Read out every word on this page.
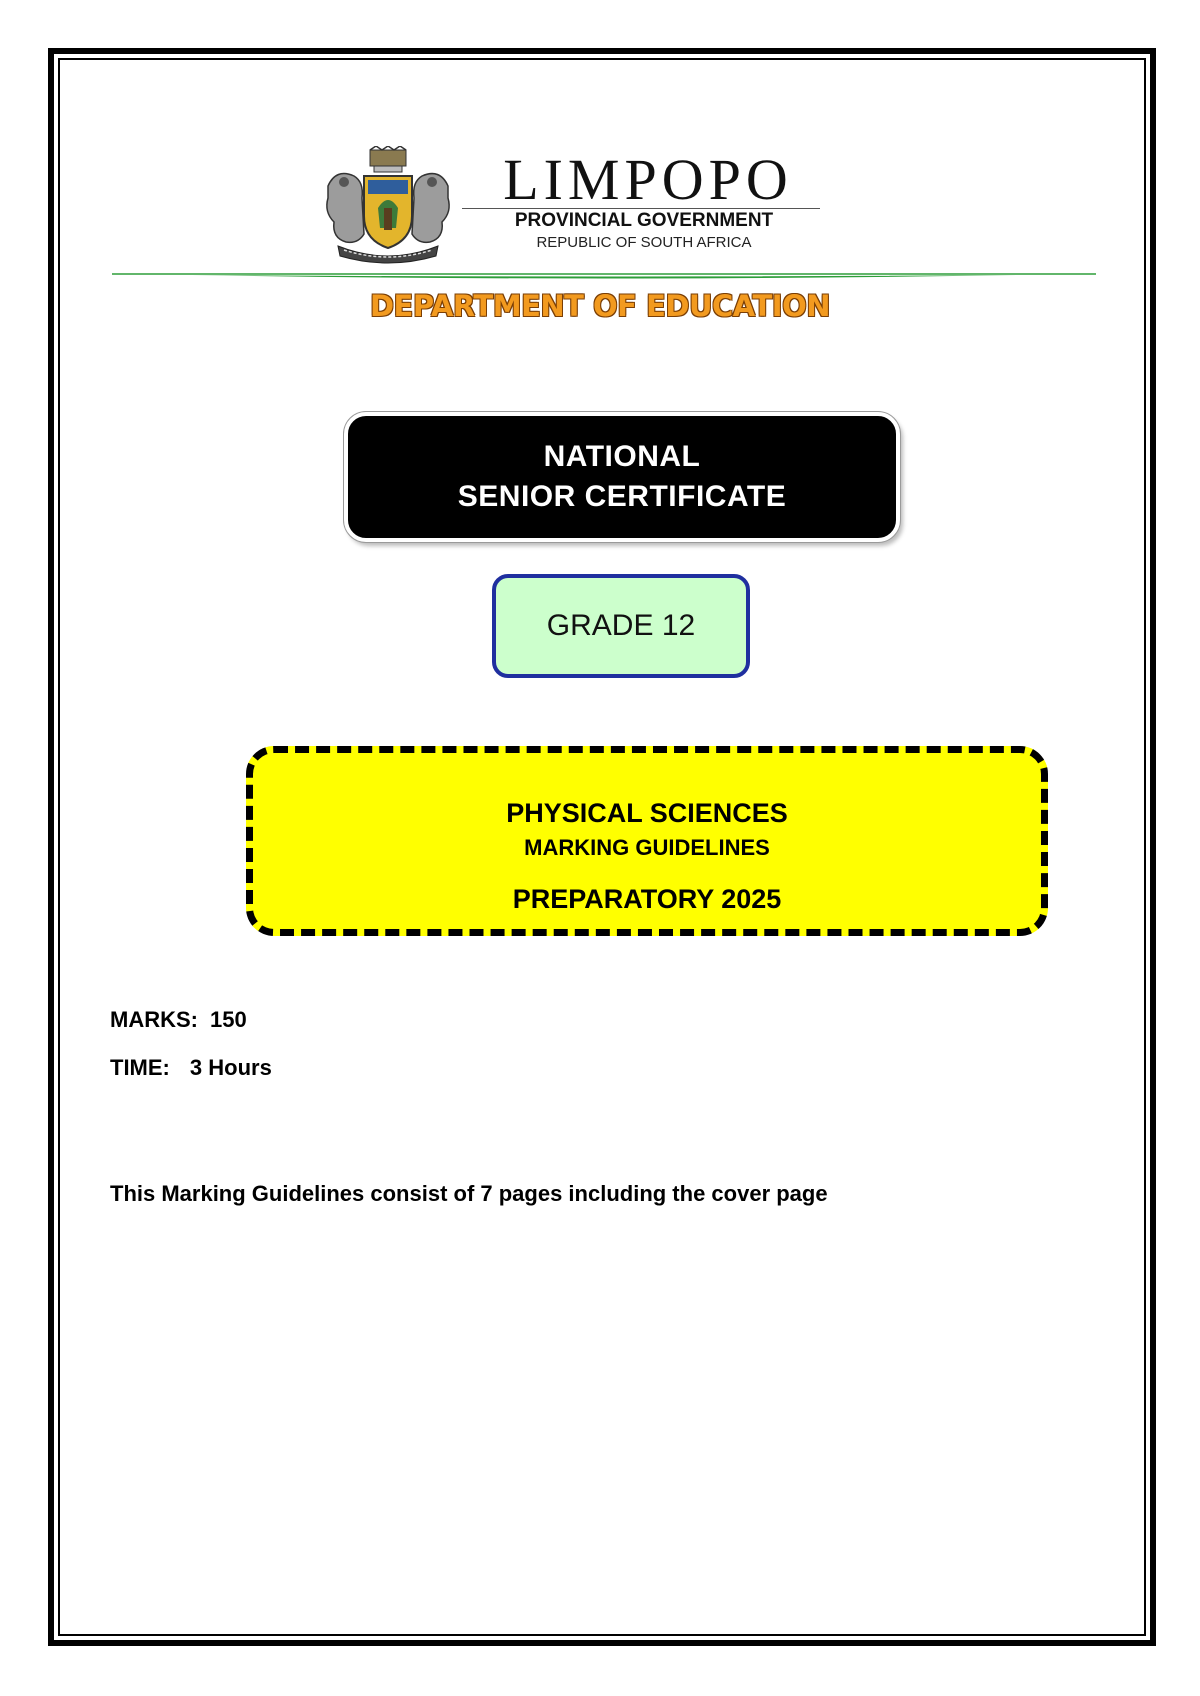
LIMPOPO
PROVINCIAL GOVERNMENT
REPUBLIC OF SOUTH AFRICA
DEPARTMENT OF EDUCATION
NATIONAL
SENIOR CERTIFICATE
GRADE 12
PHYSICAL SCIENCES
MARKING GUIDELINES
PREPARATORY 2025
MARKS: 150
TIME: 3 Hours
This Marking Guidelines consist of 7 pages including the cover page
